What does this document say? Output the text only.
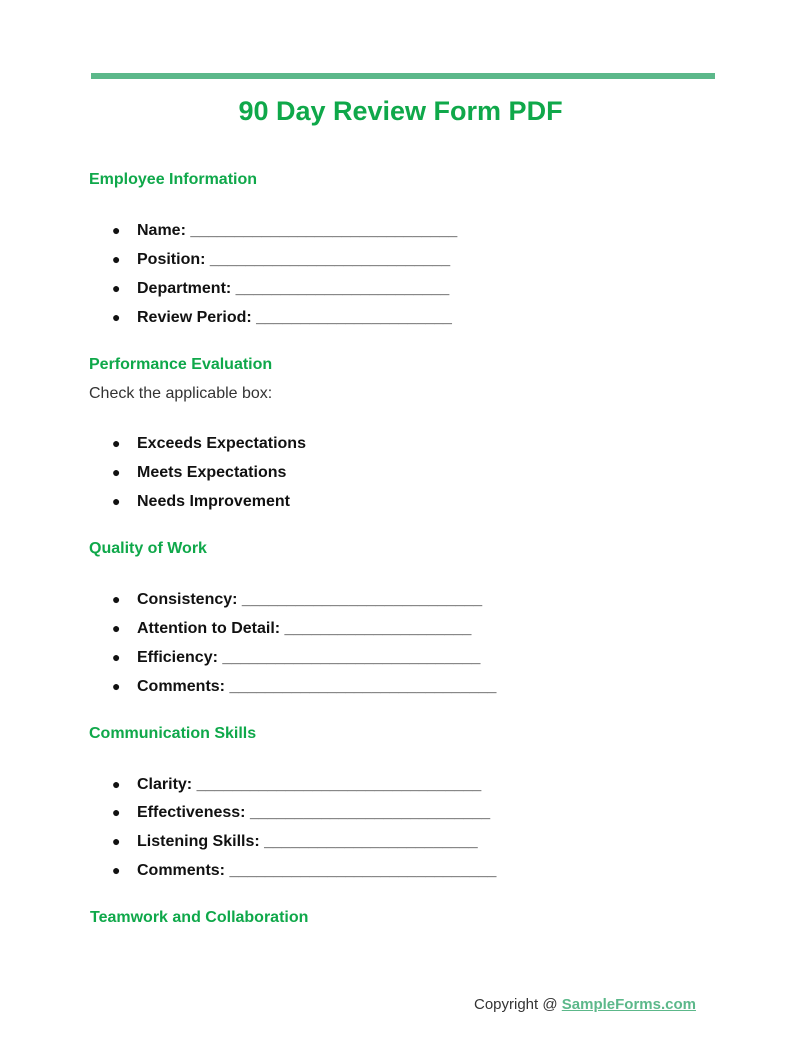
90 Day Review Form PDF
Employee Information
● Name: ______________________________
● Position: ___________________________
● Department: ________________________
● Review Period: ______________________
Performance Evaluation

Check the applicable box:

● Exceeds Expectations
● Meets Expectations
● Needs Improvement
Quality of Work
● Consistency: ___________________________
● Attention to Detail: _____________________
● Efficiency: _____________________________
● Comments: ______________________________
Communication Skills
● Clarity: ________________________________
● Effectiveness: ___________________________
● Listening Skills: ________________________
● Comments: ______________________________
Teamwork and Collaboration
Copyright @ SampleForms.com
